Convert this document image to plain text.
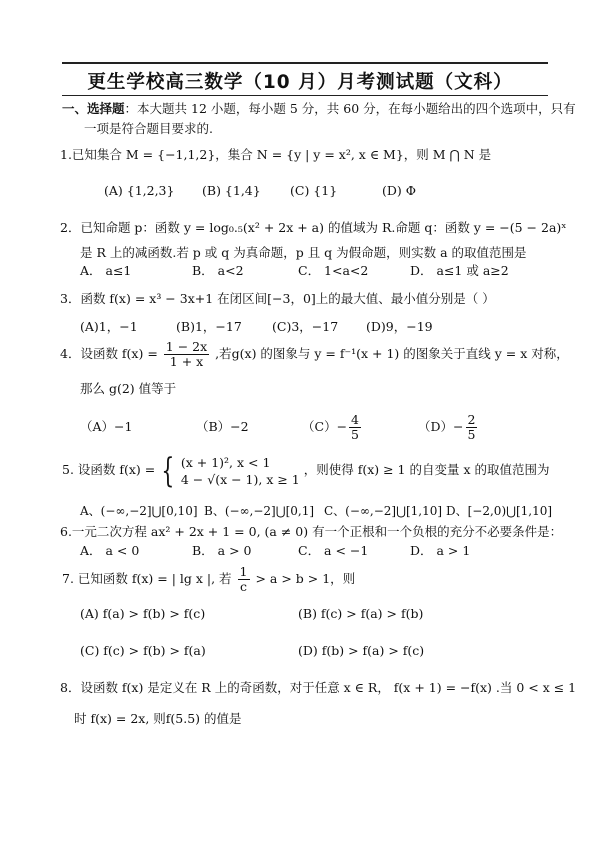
更生学校高三数学（10 月）月考测试题（文科）
一、选择题：本大题共 12 小题，每小题 5 分，共 60 分，在每小题给出的四个选项中，只有
一项是符合题目要求的.
1.已知集合 M = {−1,1,2}，集合 N = {y | y = x², x ∈ M}，则 M ⋂ N 是
(A) {1,2,3} (B) {1,4} (C) {1}	(D) Φ
2．已知命题 p：函数 y = log₀.₅(x² + 2x + a) 的值域为 R.命题 q：函数 y = −(5 − 2a)ˣ
是 R 上的减函数.若 p 或 q 为真命题，p 且 q 为假命题，则实数 a 的取值范围是
A． a≤1	B． a<2	C． 1<a<2	D． a≤1 或 a≥2
3．函数 f(x) = x³ − 3x+1 在闭区间[−3，0]上的最大值、最小值分别是（ ）
(A)1，−1	(B)1，−17 (C)3，−17 (D)9，−19
4．设函数 $f(x) = \frac{1 - 2x}{1 + x}$ ,若g(x) 的图象与 y = f⁻¹(x + 1) 的图象关于直线 y = x 对称，
那么 g(2) 值等于
（A）−1	（B）−2	$(C)- \frac{4}{5}$	$(D)- \frac{2}{5}$
5. 设函数 f(x) = { (x + 1)², x < 1
4 − √(x − 1), x ≥ 1
，则使得 f(x) ≥ 1 的自变量 x 的取值范围为
A、(−∞,−2]⋃[0,10] B、(−∞,−2]⋃[0,1] C、(−∞,−2]⋃[1,10] D、[−2,0)⋃[1,10]
6.一元二次方程 ax² + 2x + 1 = 0, (a ≠ 0) 有一个正根和一个负根的充分不必要条件是：
A． a < 0	B． a > 0	C． a < −1	D． a > 1
7. 已知函数 f(x) = | lg x |, 若 $\frac{1}{c} > a > b > 1$，则
(A) f(a) > f(b) > f(c)	(B) f(c) > f(a) > f(b)
(C) f(c) > f(b) > f(a)	(D) f(b) > f(a) > f(c)
8．设函数 f(x) 是定义在 R 上的奇函数，对于任意 x ∈ R， f(x + 1) = −f(x) .当 0 < x ≤ 1
时 f(x) = 2x, 则f(5.5) 的值是
